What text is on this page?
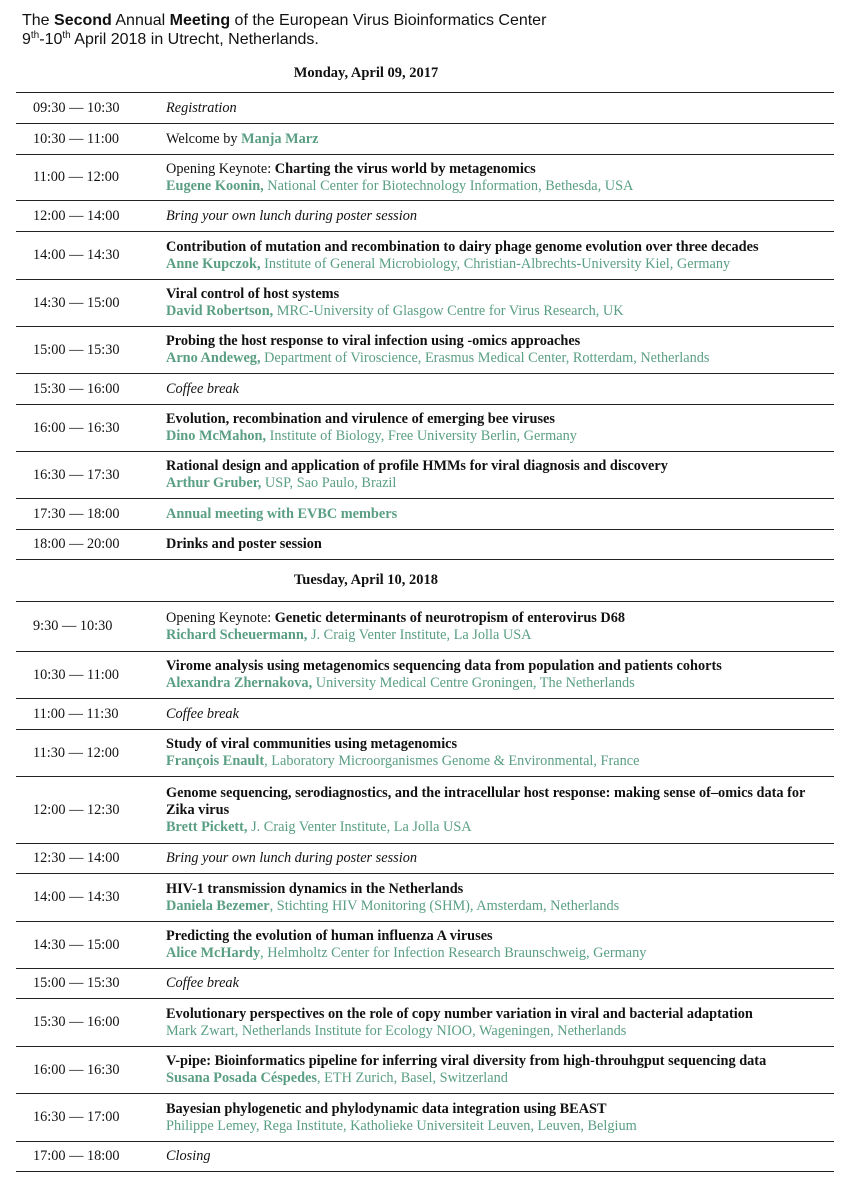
The Second Annual Meeting of the European Virus Bioinformatics Center
9th-10th April 2018 in Utrecht, Netherlands.
Monday, April 09, 2017
09:30 — 10:30	Registration
10:30 — 11:00	Welcome by Manja Marz
11:00 — 12:00
Opening Keynote: Charting the virus world by metagenomics
Eugene Koonin, National Center for Biotechnology Information, Bethesda, USA
12:00 — 14:00	Bring your own lunch during poster session
14:00 — 14:30
Contribution of mutation and recombination to dairy phage genome evolution over three decades
Anne Kupczok, Institute of General Microbiology, Christian-Albrechts-University Kiel, Germany
14:30 — 15:00
Viral control of host systems
David Robertson, MRC-University of Glasgow Centre for Virus Research, UK
15:00 — 15:30
Probing the host response to viral infection using -omics approaches
Arno Andeweg, Department of Viroscience, Erasmus Medical Center, Rotterdam, Netherlands
15:30 — 16:00	Coffee break
16:00 — 16:30
Evolution, recombination and virulence of emerging bee viruses
Dino McMahon, Institute of Biology, Free University Berlin, Germany
16:30 — 17:30
Rational design and application of profile HMMs for viral diagnosis and discovery
Arthur Gruber, USP, Sao Paulo, Brazil
17:30 — 18:00	Annual meeting with EVBC members
18:00 — 20:00	Drinks and poster session
Tuesday, April 10, 2018
9:30 — 10:30
Opening Keynote: Genetic determinants of neurotropism of enterovirus D68
Richard Scheuermann, J. Craig Venter Institute, La Jolla USA
10:30 — 11:00
Virome analysis using metagenomics sequencing data from population and patients cohorts
Alexandra Zhernakova, University Medical Centre Groningen, The Netherlands
11:00 — 11:30	Coffee break
11:30 — 12:00
Study of viral communities using metagenomics
François Enault, Laboratory Microorganismes Genome & Environmental, France
12:00 — 12:30
Genome sequencing, serodiagnostics, and the intracellular host response: making sense of–omics data for Zika virus
Brett Pickett, J. Craig Venter Institute, La Jolla USA
12:30 — 14:00	Bring your own lunch during poster session
14:00 — 14:30
HIV-1 transmission dynamics in the Netherlands
Daniela Bezemer, Stichting HIV Monitoring (SHM), Amsterdam, Netherlands
14:30 — 15:00
Predicting the evolution of human influenza A viruses
Alice McHardy, Helmholtz Center for Infection Research Braunschweig, Germany
15:00 — 15:30	Coffee break
15:30 — 16:00
Evolutionary perspectives on the role of copy number variation in viral and bacterial adaptation
Mark Zwart, Netherlands Institute for Ecology NIOO, Wageningen, Netherlands
16:00 — 16:30
V-pipe: Bioinformatics pipeline for inferring viral diversity from high-throuhgput sequencing data
Susana Posada Céspedes, ETH Zurich, Basel, Switzerland
16:30 — 17:00
Bayesian phylogenetic and phylodynamic data integration using BEAST
Philippe Lemey, Rega Institute, Katholieke Universiteit Leuven, Leuven, Belgium
17:00 — 18:00	Closing
